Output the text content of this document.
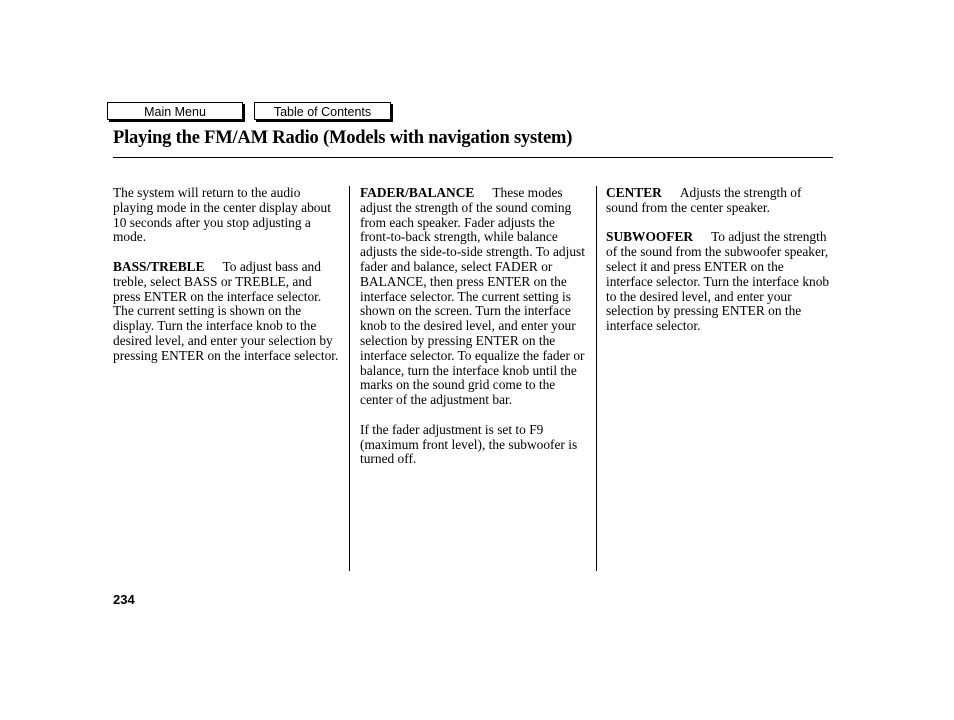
Main Menu	Table of Contents
Playing the FM/AM Radio (Models with navigation system)

The system will return to the audio playing mode in the center display about 10 seconds after you stop adjusting a mode.

BASS/TREBLE To adjust bass and treble, select BASS or TREBLE, and press ENTER on the interface selector. The current setting is shown on the display. Turn the interface knob to the desired level, and enter your selection by pressing ENTER on the interface selector.

FADER/BALANCE These modes adjust the strength of the sound coming from each speaker. Fader adjusts the front-to-back strength, while balance adjusts the side-to-side strength. To adjust fader and balance, select FADER or BALANCE, then press ENTER on the interface selector. The current setting is shown on the screen. Turn the interface knob to the desired level, and enter your selection by pressing ENTER on the interface selector. To equalize the fader or balance, turn the interface knob until the marks on the sound grid come to the center of the adjustment bar.

If the fader adjustment is set to F9 (maximum front level), the subwoofer is turned off.

CENTER Adjusts the strength of sound from the center speaker.

SUBWOOFER To adjust the strength of the sound from the subwoofer speaker, select it and press ENTER on the interface selector. Turn the interface knob to the desired level, and enter your selection by pressing ENTER on the interface selector.

234
